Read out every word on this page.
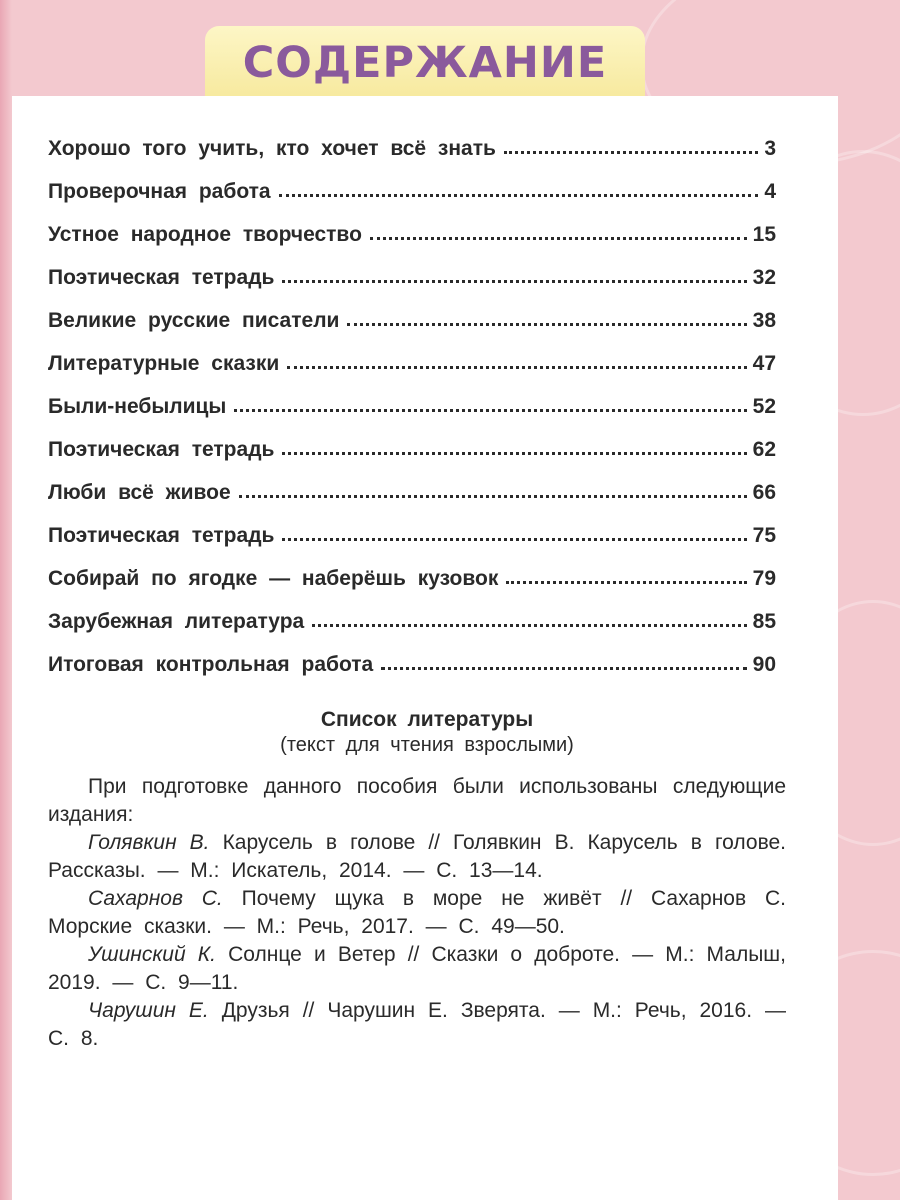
СОДЕРЖАНИЕ
Хорошо того учить, кто хочет всё знать	3
Проверочная работа	4
Устное народное творчество	15
Поэтическая тетрадь	32
Великие русские писатели	38
Литературные сказки	47
Были-небылицы	52
Поэтическая тетрадь	62
Люби всё живое	66
Поэтическая тетрадь	75
Собирай по ягодке — наберёшь кузовок	79
Зарубежная литература	85
Итоговая контрольная работа	90
Список литературы
(текст для чтения взрослыми)

При подготовке данного пособия были использованы следующие издания:

Голявкин В. Карусель в голове // Голявкин В. Карусель в голове. Рассказы. — М.: Искатель, 2014. — С. 13—14.

Сахарнов С. Почему щука в море не живёт // Сахарнов С. Морские сказки. — М.: Речь, 2017. — С. 49—50.

Ушинский К. Солнце и Ветер // Сказки о доброте. — М.: Малыш, 2019. — С. 9—11.

Чарушин Е. Друзья // Чарушин Е. Зверята. — М.: Речь, 2016. — С. 8.
